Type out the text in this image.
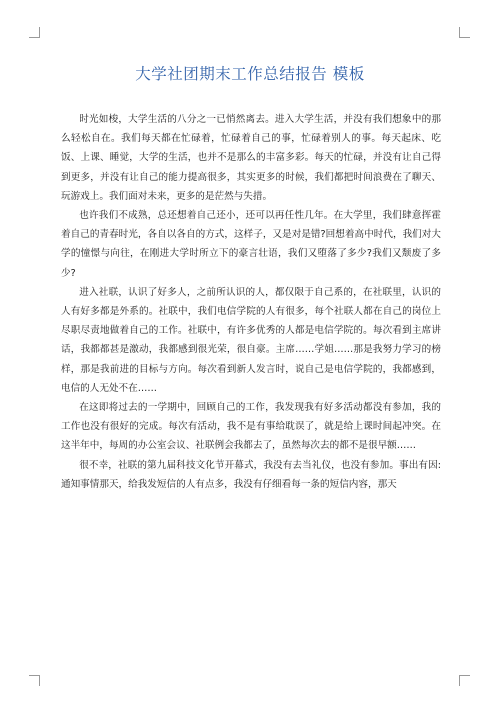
大学社团期末工作总结报告 模板

时光如梭，大学生活的八分之一已悄然离去。进入大学生活，并没有我们想象中的那么轻松自在。我们每天都在忙碌着，忙碌着自己的事，忙碌着别人的事。每天起床、吃饭、上课、睡觉，大学的生活，也并不是那么的丰富多彩。每天的忙碌，并没有让自己得到更多，并没有让自己的能力提高很多，其实更多的时候，我们都把时间浪费在了聊天、玩游戏上。我们面对未来，更多的是茫然与失措。

也许我们不成熟，总还想着自己还小，还可以再任性几年。在大学里，我们肆意挥霍着自己的青春时光，各自以各自的方式，这样子，又是对是错?回想着高中时代，我们对大学的憧憬与向往，在刚进大学时所立下的豪言壮语，我们又堕落了多少?我们又颓废了多少?

进入社联，认识了好多人，之前所认识的人，都仅限于自己系的，在社联里，认识的人有好多都是外系的。社联中，我们电信学院的人有很多，每个社联人都在自己的岗位上尽职尽责地做着自己的工作。社联中，有许多优秀的人都是电信学院的。每次看到主席讲话，我都都甚是激动，我都感到很光荣，很自豪。主席……学姐……那是我努力学习的榜样，那是我前进的目标与方向。每次看到新人发言时，说自己是电信学院的，我都感到，电信的人无处不在……

在这即将过去的一学期中，回顾自己的工作，我发现我有好多活动都没有参加，我的工作也没有很好的完成。每次有活动，我不是有事给耽误了，就是给上课时间起冲突。在这半年中，每周的办公室会议、社联例会我都去了，虽然每次去的都不是很早额……

很不幸，社联的第九届科技文化节开幕式，我没有去当礼仪，也没有参加。事出有因:通知事情那天，给我发短信的人有点多，我没有仔细看每一条的短信内容，那天
